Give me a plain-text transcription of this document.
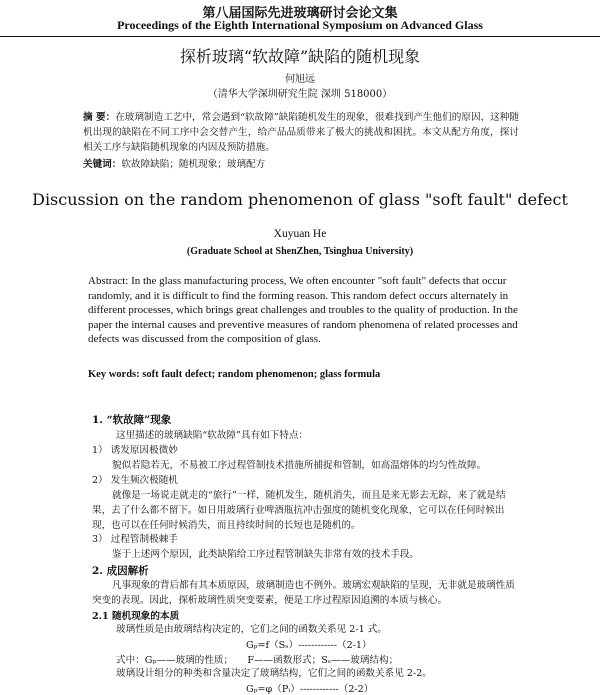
第八届国际先进玻璃研讨会论文集
Proceedings of the Eighth International Symposium on Advanced Glass
探析玻璃“软故障”缺陷的随机现象
何旭远
（清华大学深圳研究生院 深圳 518000）
摘 要：在玻璃制造工艺中，常会遇到“软故障”缺陷随机发生的现象，很难找到产生他们的原因，这种随机出现的缺陷在不同工序中会交替产生，给产品品质带来了极大的挑战和困扰。本文从配方角度，探讨相关工序与缺陷随机现象的内因及预防措施。
关键词：软故障缺陷；随机现象；玻璃配方
Discussion on the random phenomenon of glass "soft fault" defect
Xuyuan He
(Graduate School at ShenZhen, Tsinghua University)
Abstract: In the glass manufacturing process, We often encounter "soft fault" defects that occur randomly, and it is difficult to find the forming reason. This random defect occurs alternately in different processes, which brings great challenges and troubles to the quality of production. In the paper the internal causes and preventive measures of random phenomena of related processes and defects was discussed from the composition of glass.
Key words: soft fault defect; random phenomenon; glass formula
1. “软故障”现象
这里描述的玻璃缺陷“软故障”具有如下特点：
1） 诱发原因极微妙
貌似若隐若无，不易被工序过程管制技术措施所捕捉和管制，如高温熔体的均匀性故障。
2） 发生频次极随机
就像是一场说走就走的“旅行”一样，随机发生，随机消失，而且是来无影去无踪，来了就是结果，去了什么都不留下。如日用玻璃行业啤酒瓶抗冲击强度的随机变化现象，它可以在任何时候出现，也可以在任何时候消失，而且持续时间的长短也是随机的。
3） 过程管制极棘手
鉴于上述两个原因，此类缺陷给工序过程管制缺失非常有效的技术手段。
2. 成因解析
凡事现象的背后都有其本质原因，玻璃制造也不例外。玻璃宏观缺陷的呈现，无非就是玻璃性质突变的表现。因此，探析玻璃性质突变要素，便是工序过程原因追溯的本质与核心。
2.1 随机现象的本质
玻璃性质是由玻璃结构决定的，它们之间的函数关系见 2-1 式。
Gₚ=f（Sₛ）------------（2-1）
式中：Gₚ——玻璃的性质；　　F——函数形式；Sₛ——玻璃结构；
玻璃设计组分的种类和含量决定了玻璃结构，它们之间的函数关系见 2-2。
Gₚ=φ（Pᵢ）------------（2-2）
